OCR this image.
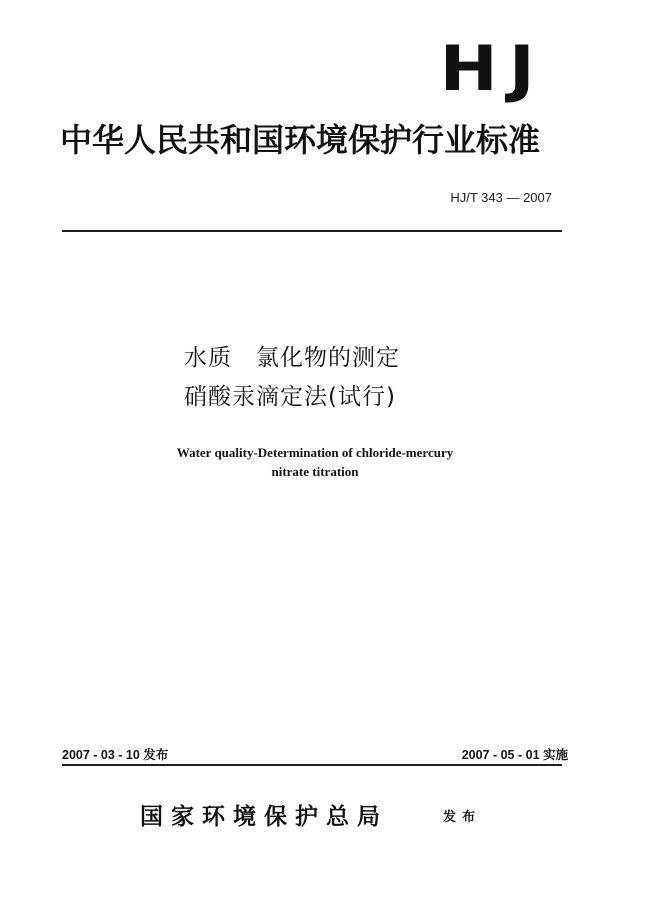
HJ
中华人民共和国环境保护行业标准
HJ/T 343 — 2007
水质　氯化物的测定
硝酸汞滴定法(试行)
Water quality-Determination of chloride-mercury
nitrate titration
2007 - 03 - 10 发布	2007 - 05 - 01 实施
国家环境保护总局	发布
